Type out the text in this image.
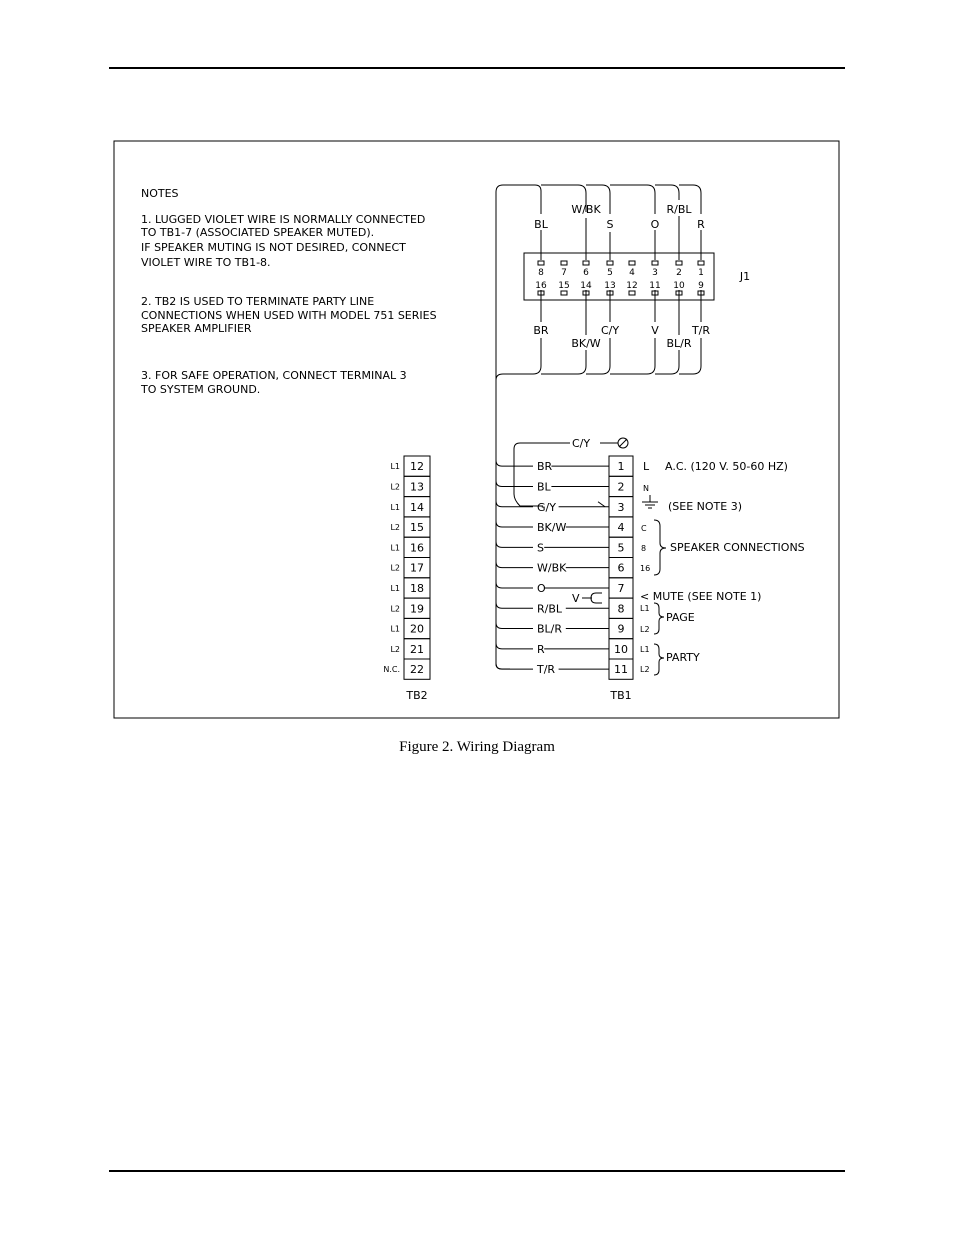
NOTES
1. LUGGED VIOLET WIRE IS NORMALLY CONNECTED
TO TB1-7 (ASSOCIATED SPEAKER MUTED).
IF SPEAKER MUTING IS NOT DESIRED, CONNECT
VIOLET WIRE TO TB1-8.
2. TB2 IS USED TO TERMINATE PARTY LINE
CONNECTIONS WHEN USED WITH MODEL 751 SERIES
SPEAKER AMPLIFIER
3. FOR SAFE OPERATION, CONNECT TERMINAL 3
TO SYSTEM GROUND.
8 7 6 5 4 3 2 1
16 15 14 13 12 11 10 9
BL
W/BK
S	O
R/BL
R
BR
BK/W
C/Y	V
BL/R
T/R
J1
BR
BL
G/Y
BK/W
S
W/BK
O
R/BL
BL/R
R
T/R
C/Y
12
L1
13
L2
14
L1
15
L2
16
L1
17
L2
18
L1
19
L2
20
L1
21
L2
22
N.C.
TB2
1
2
3
4
5
6
7
8
9
10
11
TB1
V
L A.C. (120 V. 50-60 HZ)
N
(SEE NOTE 3)
C
8
16
SPEAKER CONNECTIONS
< MUTE (SEE NOTE 1)
L1
L2
PAGE
L1
L2
PARTY
Figure 2. Wiring Diagram
